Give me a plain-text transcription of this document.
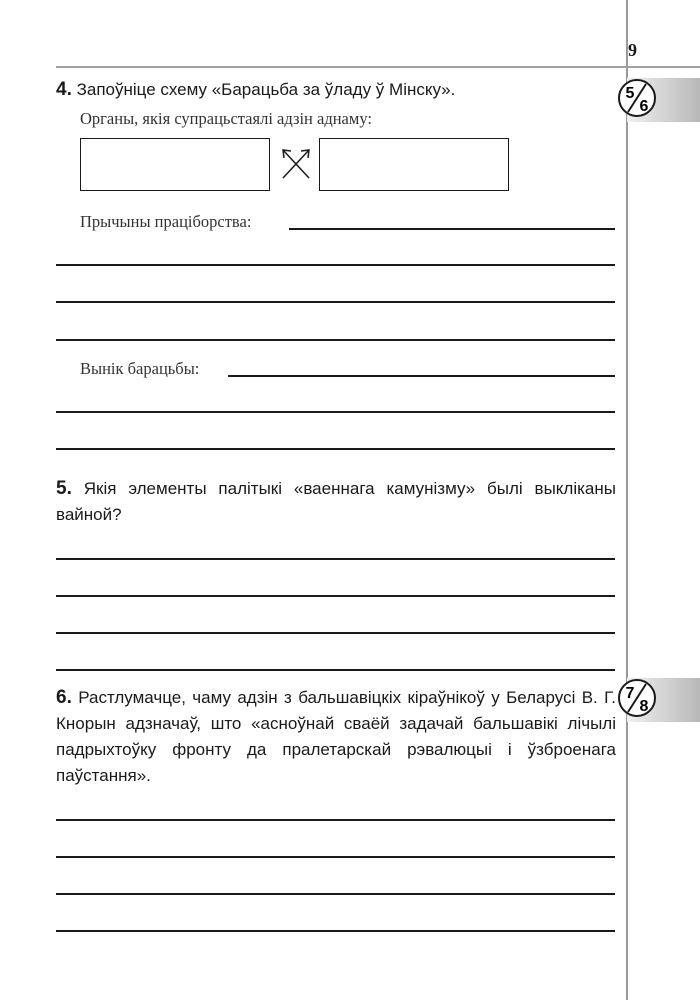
9
5
6
7
8
4. Запоўніце схему «Барацьба за ўладу ў Мінску».
Органы, якія супрацьстаялі адзін аднаму:
Прычыны праціборства:
Вынік барацьбы:
5. Якія элементы палітыкі «ваеннага камунізму» былі выкліканы вайной?
6. Растлумачце, чаму адзін з бальшавіцкіх кіраўнікоў у Беларусі В. Г. Кнорын адзначаў, што «асноўнай сваёй задачай бальшавікі лічылі падрыхтоўку фронту да пралетарскай рэвалюцыі і ўзброенага паўстання».
